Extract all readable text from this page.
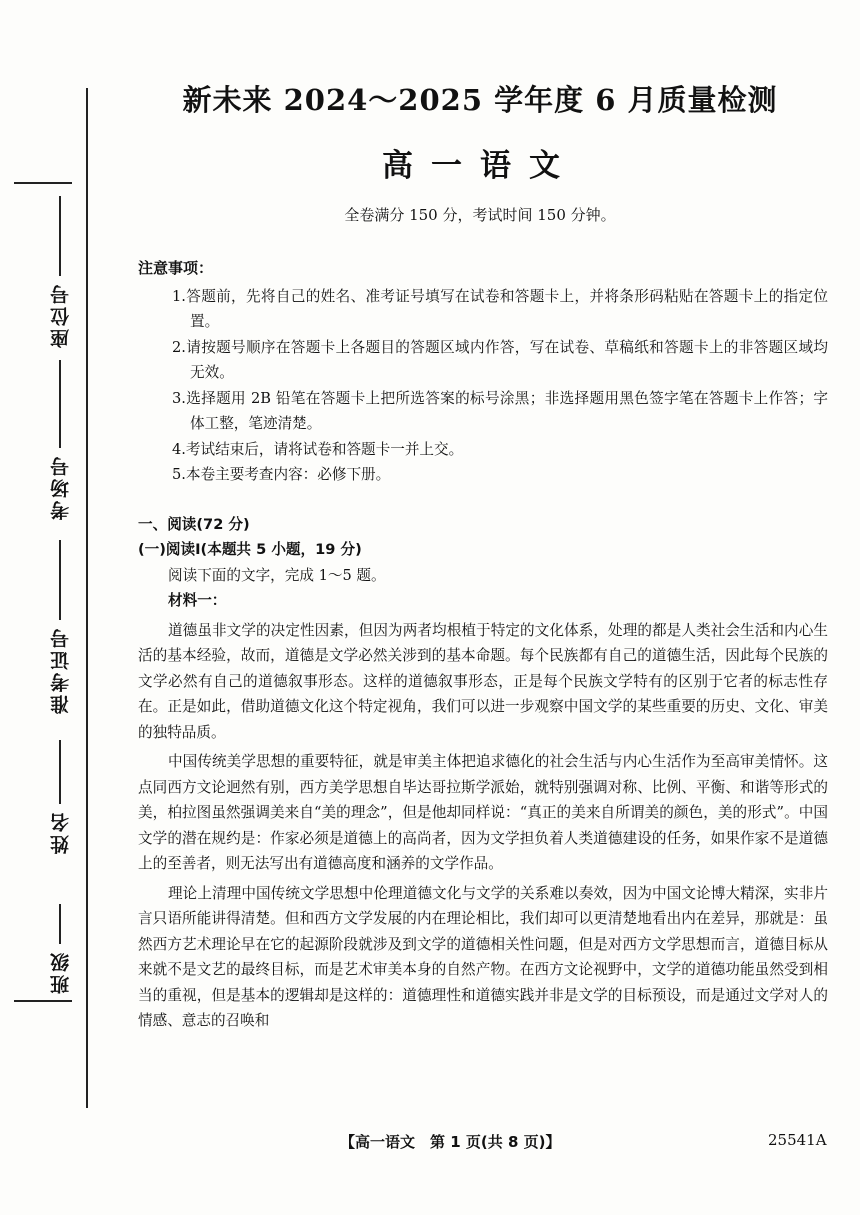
座位号
考场号
准考证号
姓名
班级
新未来 2024～2025 学年度 6 月质量检测
高一语文
全卷满分 150 分，考试时间 150 分钟。
注意事项：
1.答题前，先将自己的姓名、准考证号填写在试卷和答题卡上，并将条形码粘贴在答题卡上的指定位置。
2.请按题号顺序在答题卡上各题目的答题区域内作答，写在试卷、草稿纸和答题卡上的非答题区域均无效。
3.选择题用 2B 铅笔在答题卡上把所选答案的标号涂黑；非选择题用黑色签字笔在答题卡上作答；字体工整，笔迹清楚。
4.考试结束后，请将试卷和答题卡一并上交。
5.本卷主要考查内容：必修下册。
一、阅读(72 分)
(一)阅读Ⅰ(本题共 5 小题，19 分)
阅读下面的文字，完成 1～5 题。
材料一：

道德虽非文学的决定性因素，但因为两者均根植于特定的文化体系，处理的都是人类社会生活和内心生活的基本经验，故而，道德是文学必然关涉到的基本命题。每个民族都有自己的道德生活，因此每个民族的文学必然有自己的道德叙事形态。这样的道德叙事形态，正是每个民族文学特有的区别于它者的标志性存在。正是如此，借助道德文化这个特定视角，我们可以进一步观察中国文学的某些重要的历史、文化、审美的独特品质。

中国传统美学思想的重要特征，就是审美主体把追求德化的社会生活与内心生活作为至高审美情怀。这点同西方文论迥然有别，西方美学思想自毕达哥拉斯学派始，就特别强调对称、比例、平衡、和谐等形式的美，柏拉图虽然强调美来自“美的理念”，但是他却同样说：“真正的美来自所谓美的颜色，美的形式”。中国文学的潜在规约是：作家必须是道德上的高尚者，因为文学担负着人类道德建设的任务，如果作家不是道德上的至善者，则无法写出有道德高度和涵养的文学作品。

理论上清理中国传统文学思想中伦理道德文化与文学的关系难以奏效，因为中国文论博大精深，实非片言只语所能讲得清楚。但和西方文学发展的内在理论相比，我们却可以更清楚地看出内在差异，那就是：虽然西方艺术理论早在它的起源阶段就涉及到文学的道德相关性问题，但是对西方文学思想而言，道德目标从来就不是文艺的最终目标，而是艺术审美本身的自然产物。在西方文论视野中，文学的道德功能虽然受到相当的重视，但是基本的逻辑却是这样的：道德理性和道德实践并非是文学的目标预设，而是通过文学对人的情感、意志的召唤和

【高一语文　第 1 页(共 8 页)】	25541A
